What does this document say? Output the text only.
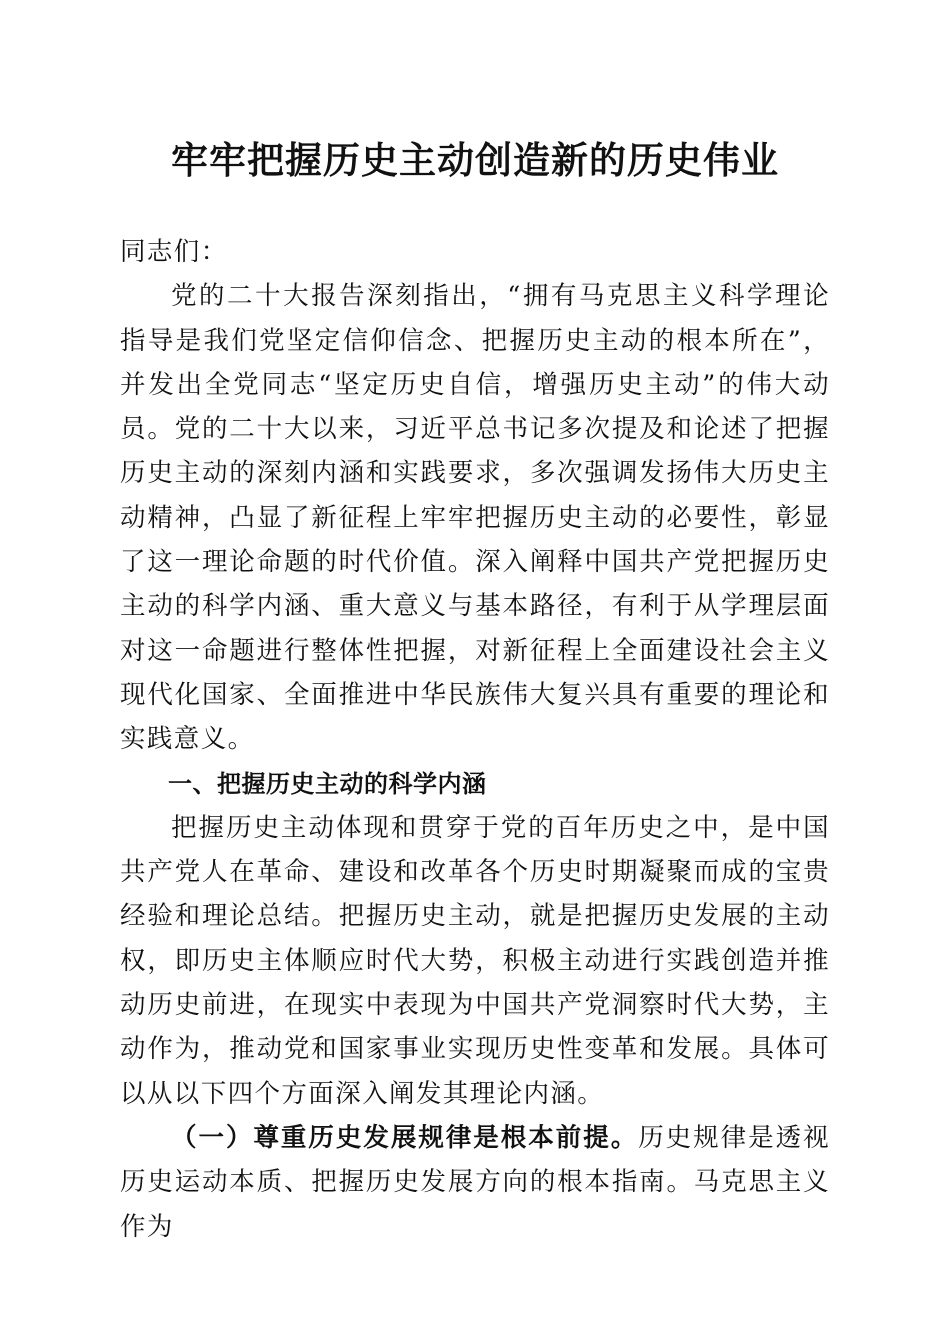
牢牢把握历史主动创造新的历史伟业

同志们：

党的二十大报告深刻指出，“拥有马克思主义科学理论指导是我们党坚定信仰信念、把握历史主动的根本所在”，并发出全党同志“坚定历史自信，增强历史主动”的伟大动员。党的二十大以来，习近平总书记多次提及和论述了把握历史主动的深刻内涵和实践要求，多次强调发扬伟大历史主动精神，凸显了新征程上牢牢把握历史主动的必要性，彰显了这一理论命题的时代价值。深入阐释中国共产党把握历史主动的科学内涵、重大意义与基本路径，有利于从学理层面对这一命题进行整体性把握，对新征程上全面建设社会主义现代化国家、全面推进中华民族伟大复兴具有重要的理论和实践意义。

一、把握历史主动的科学内涵

把握历史主动体现和贯穿于党的百年历史之中，是中国共产党人在革命、建设和改革各个历史时期凝聚而成的宝贵经验和理论总结。把握历史主动，就是把握历史发展的主动权，即历史主体顺应时代大势，积极主动进行实践创造并推动历史前进，在现实中表现为中国共产党洞察时代大势，主动作为，推动党和国家事业实现历史性变革和发展。具体可以从以下四个方面深入阐发其理论内涵。

（一）尊重历史发展规律是根本前提。历史规律是透视历史运动本质、把握历史发展方向的根本指南。马克思主义作为
